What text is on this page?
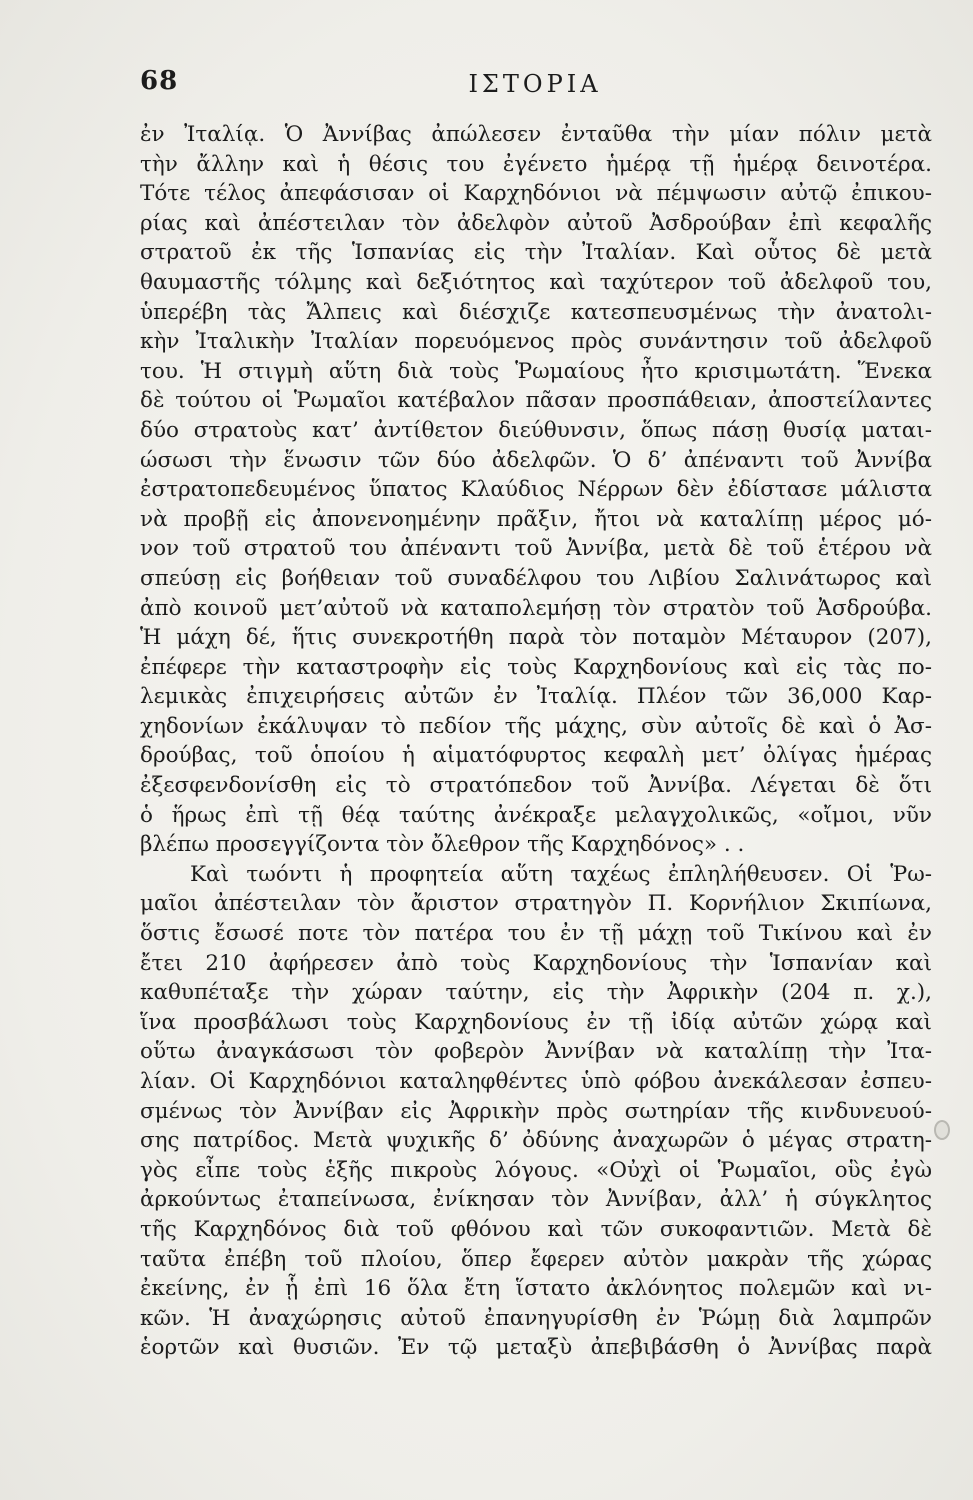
68	ΙΣΤΟΡΙΑ
ἐν Ἰταλίᾳ. Ὁ Ἀννίβας ἀπώλεσεν ἐνταῦθα τὴν μίαν πόλιν μετὰ
τὴν ἄλλην καὶ ἡ θέσις του ἐγένετο ἡμέρᾳ τῇ ἡμέρᾳ δεινοτέρα.
Τότε τέλος ἀπεφάσισαν οἱ Καρχηδόνιοι νὰ πέμψωσιν αὐτῷ ἐπικου-
ρίας καὶ ἀπέστειλαν τὸν ἀδελφὸν αὐτοῦ Ἀσδρούβαν ἐπὶ κεφαλῆς
στρατοῦ ἐκ τῆς Ἱσπανίας εἰς τὴν Ἰταλίαν. Καὶ οὗτος δὲ μετὰ
θαυμαστῆς τόλμης καὶ δεξιότητος καὶ ταχύτερον τοῦ ἀδελφοῦ του,
ὑπερέβη τὰς Ἄλπεις καὶ διέσχιζε κατεσπευσμένως τὴν ἀνατολι-
κὴν Ἰταλικὴν Ἰταλίαν πορευόμενος πρὸς συνάντησιν τοῦ ἀδελφοῦ
του. Ἡ στιγμὴ αὕτη διὰ τοὺς Ῥωμαίους ἦτο κρισιμωτάτη. Ἕνεκα
δὲ τούτου οἱ Ῥωμαῖοι κατέβαλον πᾶσαν προσπάθειαν, ἀποστείλαντες
δύο στρατοὺς κατ’ ἀντίθετον διεύθυνσιν, ὅπως πάσῃ θυσίᾳ μαται-
ώσωσι τὴν ἕνωσιν τῶν δύο ἀδελφῶν. Ὁ δ’ ἀπέναντι τοῦ Ἀννίβα
ἐστρατοπεδευμένος ὕπατος Κλαύδιος Νέρρων δὲν ἐδίστασε μάλιστα
νὰ προβῇ εἰς ἀπονενοημένην πρᾶξιν, ἤτοι νὰ καταλίπῃ μέρος μό-
νον τοῦ στρατοῦ του ἀπέναντι τοῦ Ἀννίβα, μετὰ δὲ τοῦ ἑτέρου νὰ
σπεύσῃ εἰς βοήθειαν τοῦ συναδέλφου του Λιβίου Σαλινάτωρος καὶ
ἀπὸ κοινοῦ μετ’αὐτοῦ νὰ καταπολεμήσῃ τὸν στρατὸν τοῦ Ἀσδρούβα.
Ἡ μάχη δέ, ἥτις συνεκροτήθη παρὰ τὸν ποταμὸν Μέταυρον (207),
ἐπέφερε τὴν καταστροφὴν εἰς τοὺς Καρχηδονίους καὶ εἰς τὰς πο-
λεμικὰς ἐπιχειρήσεις αὐτῶν ἐν Ἰταλίᾳ. Πλέον τῶν 36,000 Καρ-
χηδονίων ἐκάλυψαν τὸ πεδίον τῆς μάχης, σὺν αὐτοῖς δὲ καὶ ὁ Ἀσ-
δρούβας, τοῦ ὁποίου ἡ αἱματόφυρτος κεφαλὴ μετ’ ὀλίγας ἡμέρας
ἐξεσφενδονίσθη εἰς τὸ στρατόπεδον τοῦ Ἀννίβα. Λέγεται δὲ ὅτι
ὁ ἥρως ἐπὶ τῇ θέᾳ ταύτης ἀνέκραξε μελαγχολικῶς, «οἴμοι, νῦν
βλέπω προσεγγίζοντα τὸν ὄλεθρον τῆς Καρχηδόνος» . .
Καὶ τωόντι ἡ προφητεία αὕτη ταχέως ἐπληλήθευσεν. Οἱ Ῥω-
μαῖοι ἀπέστειλαν τὸν ἄριστον στρατηγὸν Π. Κορνήλιον Σκιπίωνα,
ὅστις ἔσωσέ ποτε τὸν πατέρα του ἐν τῇ μάχῃ τοῦ Τικίνου καὶ ἐν
ἔτει 210 ἀφήρεσεν ἀπὸ τοὺς Καρχηδονίους τὴν Ἱσπανίαν καὶ
καθυπέταξε τὴν χώραν ταύτην, εἰς τὴν Ἀφρικὴν (204 π. χ.),
ἵνα προσβάλωσι τοὺς Καρχηδονίους ἐν τῇ ἰδίᾳ αὐτῶν χώρᾳ καὶ
οὕτω ἀναγκάσωσι τὸν φοβερὸν Ἀννίβαν νὰ καταλίπῃ τὴν Ἰτα-
λίαν. Οἱ Καρχηδόνιοι καταληφθέντες ὑπὸ φόβου ἀνεκάλεσαν ἐσπευ-
σμένως τὸν Ἀννίβαν εἰς Ἀφρικὴν πρὸς σωτηρίαν τῆς κινδυνευού-
σης πατρίδος. Μετὰ ψυχικῆς δ’ ὀδύνης ἀναχωρῶν ὁ μέγας στρατη-
γὸς εἶπε τοὺς ἑξῆς πικροὺς λόγους. «Οὐχὶ οἱ Ῥωμαῖοι, οὓς ἐγὼ
ἀρκούντως ἐταπείνωσα, ἐνίκησαν τὸν Ἀννίβαν, ἀλλ’ ἡ σύγκλητος
τῆς Καρχηδόνος διὰ τοῦ φθόνου καὶ τῶν συκοφαντιῶν. Μετὰ δὲ
ταῦτα ἐπέβη τοῦ πλοίου, ὅπερ ἔφερεν αὐτὸν μακρὰν τῆς χώρας
ἐκείνης, ἐν ᾗ ἐπὶ 16 ὅλα ἔτη ἵστατο ἀκλόνητος πολεμῶν καὶ νι-
κῶν. Ἡ ἀναχώρησις αὐτοῦ ἐπανηγυρίσθη ἐν Ῥώμῃ διὰ λαμπρῶν
ἑορτῶν καὶ θυσιῶν. Ἐν τῷ μεταξὺ ἀπεβιβάσθη ὁ Ἀννίβας παρὰ
